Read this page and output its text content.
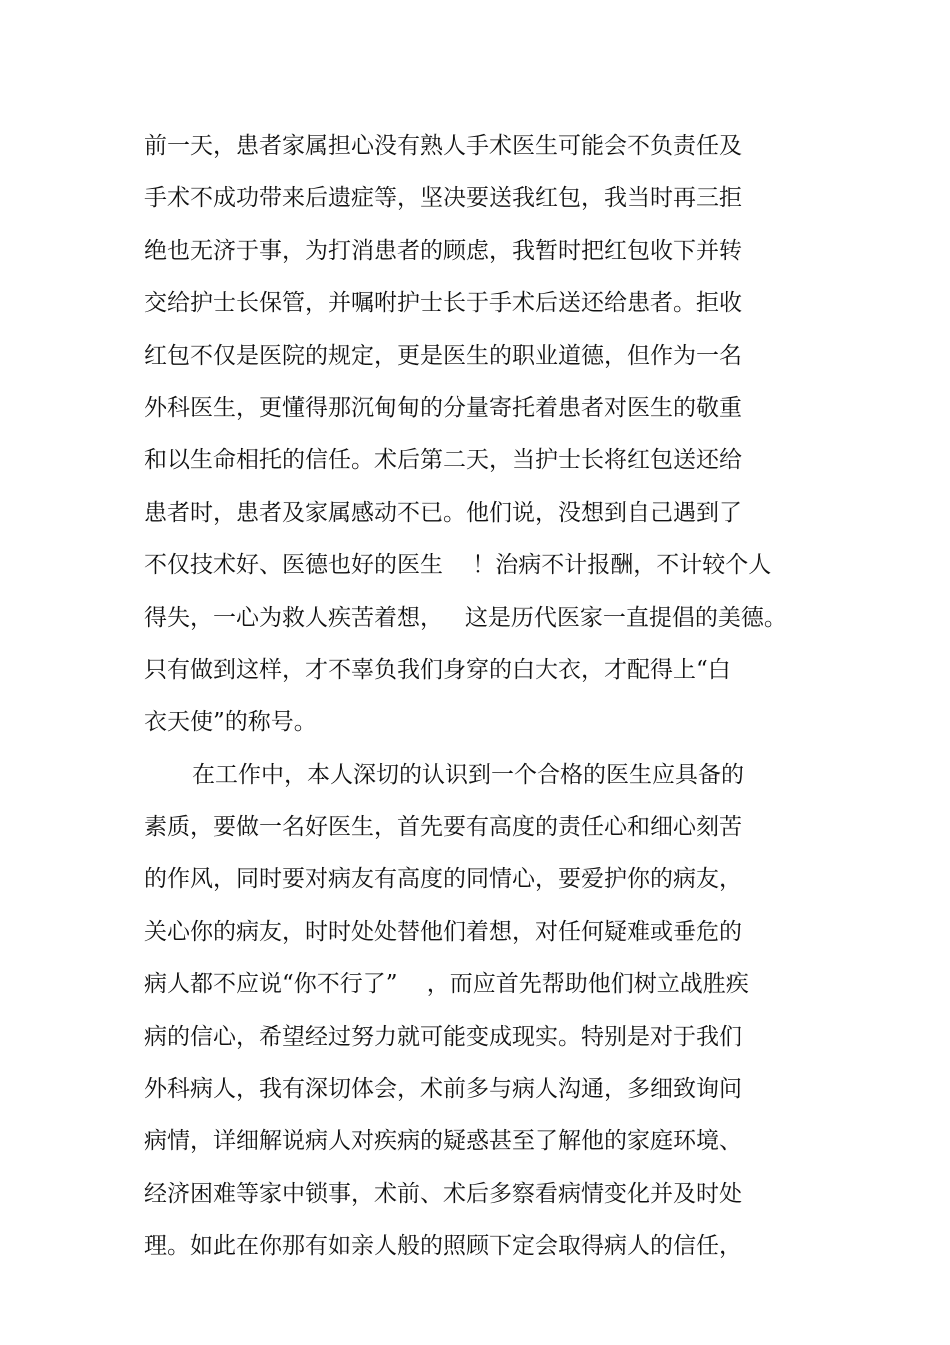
前一天，患者家属担心没有熟人手术医生可能会不负责任及
手术不成功带来后遗症等，坚决要送我红包，我当时再三拒
绝也无济于事，为打消患者的顾虑，我暂时把红包收下并转
交给护士长保管，并嘱咐护士长于手术后送还给患者。拒收
红包不仅是医院的规定，更是医生的职业道德，但作为一名
外科医生，更懂得那沉甸甸的分量寄托着患者对医生的敬重
和以生命相托的信任。术后第二天，当护士长将红包送还给
患者时，患者及家属感动不已。他们说，没想到自己遇到了
不仅技术好、医德也好的医生    ！治病不计报酬，不计较个人
得失，一心为救人疾苦着想，   这是历代医家一直提倡的美德。
只有做到这样，才不辜负我们身穿的白大衣，才配得上“白
衣天使”的称号。
在工作中，本人深切的认识到一个合格的医生应具备的
素质，要做一名好医生，首先要有高度的责任心和细心刻苦
的作风，同时要对病友有高度的同情心，要爱护你的病友，
关心你的病友，时时处处替他们着想，对任何疑难或垂危的
病人都不应说“你不行了”    ，而应首先帮助他们树立战胜疾
病的信心，希望经过努力就可能变成现实。特别是对于我们
外科病人，我有深切体会，术前多与病人沟通，多细致询问
病情，详细解说病人对疾病的疑惑甚至了解他的家庭环境、
经济困难等家中锁事，术前、术后多察看病情变化并及时处
理。如此在你那有如亲人般的照顾下定会取得病人的信任，
